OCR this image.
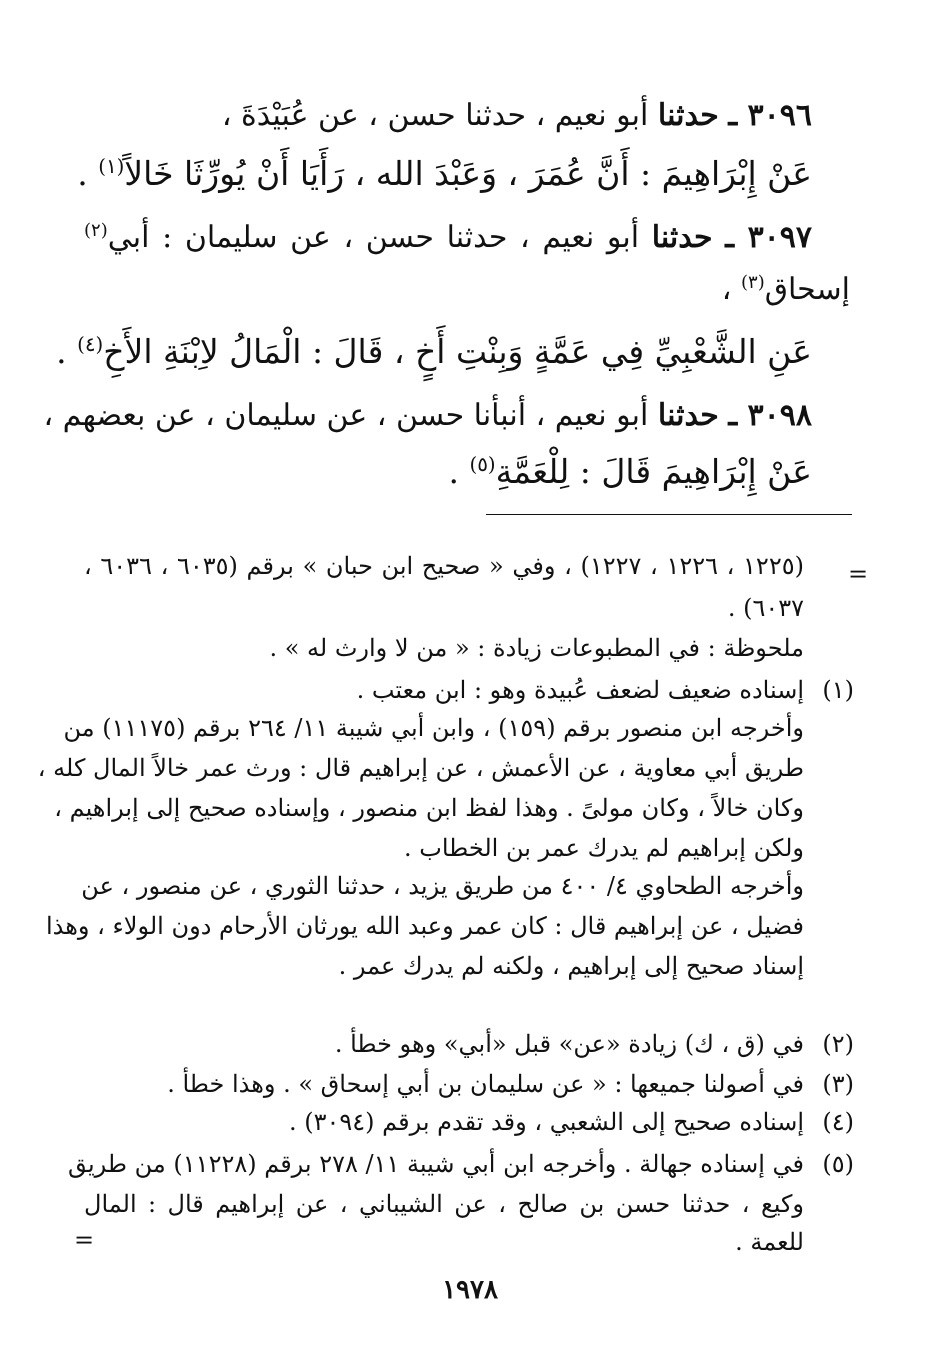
٣٠٩٦ ـ حدثنا أبو نعيم ، حدثنا حسن ، عن عُبَيْدَةَ ،
عَنْ إِبْرَاهِيمَ : أَنَّ عُمَرَ ، وَعَبْدَ الله ، رَأَيَا أَنْ يُورِّثَا خَالاً$^{(١)}$ .
٣٠٩٧ ـ حدثنا أبو نعيم ، حدثنا حسن ، عن سليمان : أبي$^{(٢)}$
إسحاق$^{(٣)}$ ،
عَنِ الشَّعْبِيِّ فِي عَمَّةٍ وَبِنْتِ أَخٍ ، قَالَ : الْمَالُ لاِبْنَةِ الأَخِ$^{(٤)}$ .
٣٠٩٨ ـ حدثنا أبو نعيم ، أنبأنا حسن ، عن سليمان ، عن بعضهم ،
عَنْ إِبْرَاهِيمَ قَالَ : لِلْعَمَّةِ$^{(٥)}$ .
=
(١٢٢٥ ، ١٢٢٦ ، ١٢٢٧) ، وفي « صحيح ابن حبان » برقم (٦٠٣٥ ، ٦٠٣٦ ،
٦٠٣٧) .
ملحوظة : في المطبوعات زيادة : « من لا وارث له » .
(١)
إسناده ضعيف لضعف عُبيدة وهو : ابن معتب .
وأخرجه ابن منصور برقم (١٥٩) ، وابن أبي شيبة ١١/ ٢٦٤ برقم (١١١٧٥) من
طريق أبي معاوية ، عن الأعمش ، عن إبراهيم قال : ورث عمر خالاً المال كله ،
وكان خالاً ، وكان مولىً . وهذا لفظ ابن منصور ، وإسناده صحيح إلى إبراهيم ،
ولكن إبراهيم لم يدرك عمر بن الخطاب .
وأخرجه الطحاوي ٤/ ٤٠٠ من طريق يزيد ، حدثنا الثوري ، عن منصور ، عن
فضيل ، عن إبراهيم قال : كان عمر وعبد الله يورثان الأرحام دون الولاء ، وهذا
إسناد صحيح إلى إبراهيم ، ولكنه لم يدرك عمر .
(٢)
في (ق ، ك) زيادة «عن» قبل «أبي» وهو خطأ .
(٣)
في أصولنا جميعها : « عن سليمان بن أبي إسحاق » . وهذا خطأ .
(٤)
إسناده صحيح إلى الشعبي ، وقد تقدم برقم (٣٠٩٤) .
(٥)
في إسناده جهالة . وأخرجه ابن أبي شيبة ١١/ ٢٧٨ برقم (١١٢٢٨) من طريق
وكيع ، حدثنا حسن بن صالح ، عن الشيباني ، عن إبراهيم قال : المال
للعمة .
=
١٩٧٨
